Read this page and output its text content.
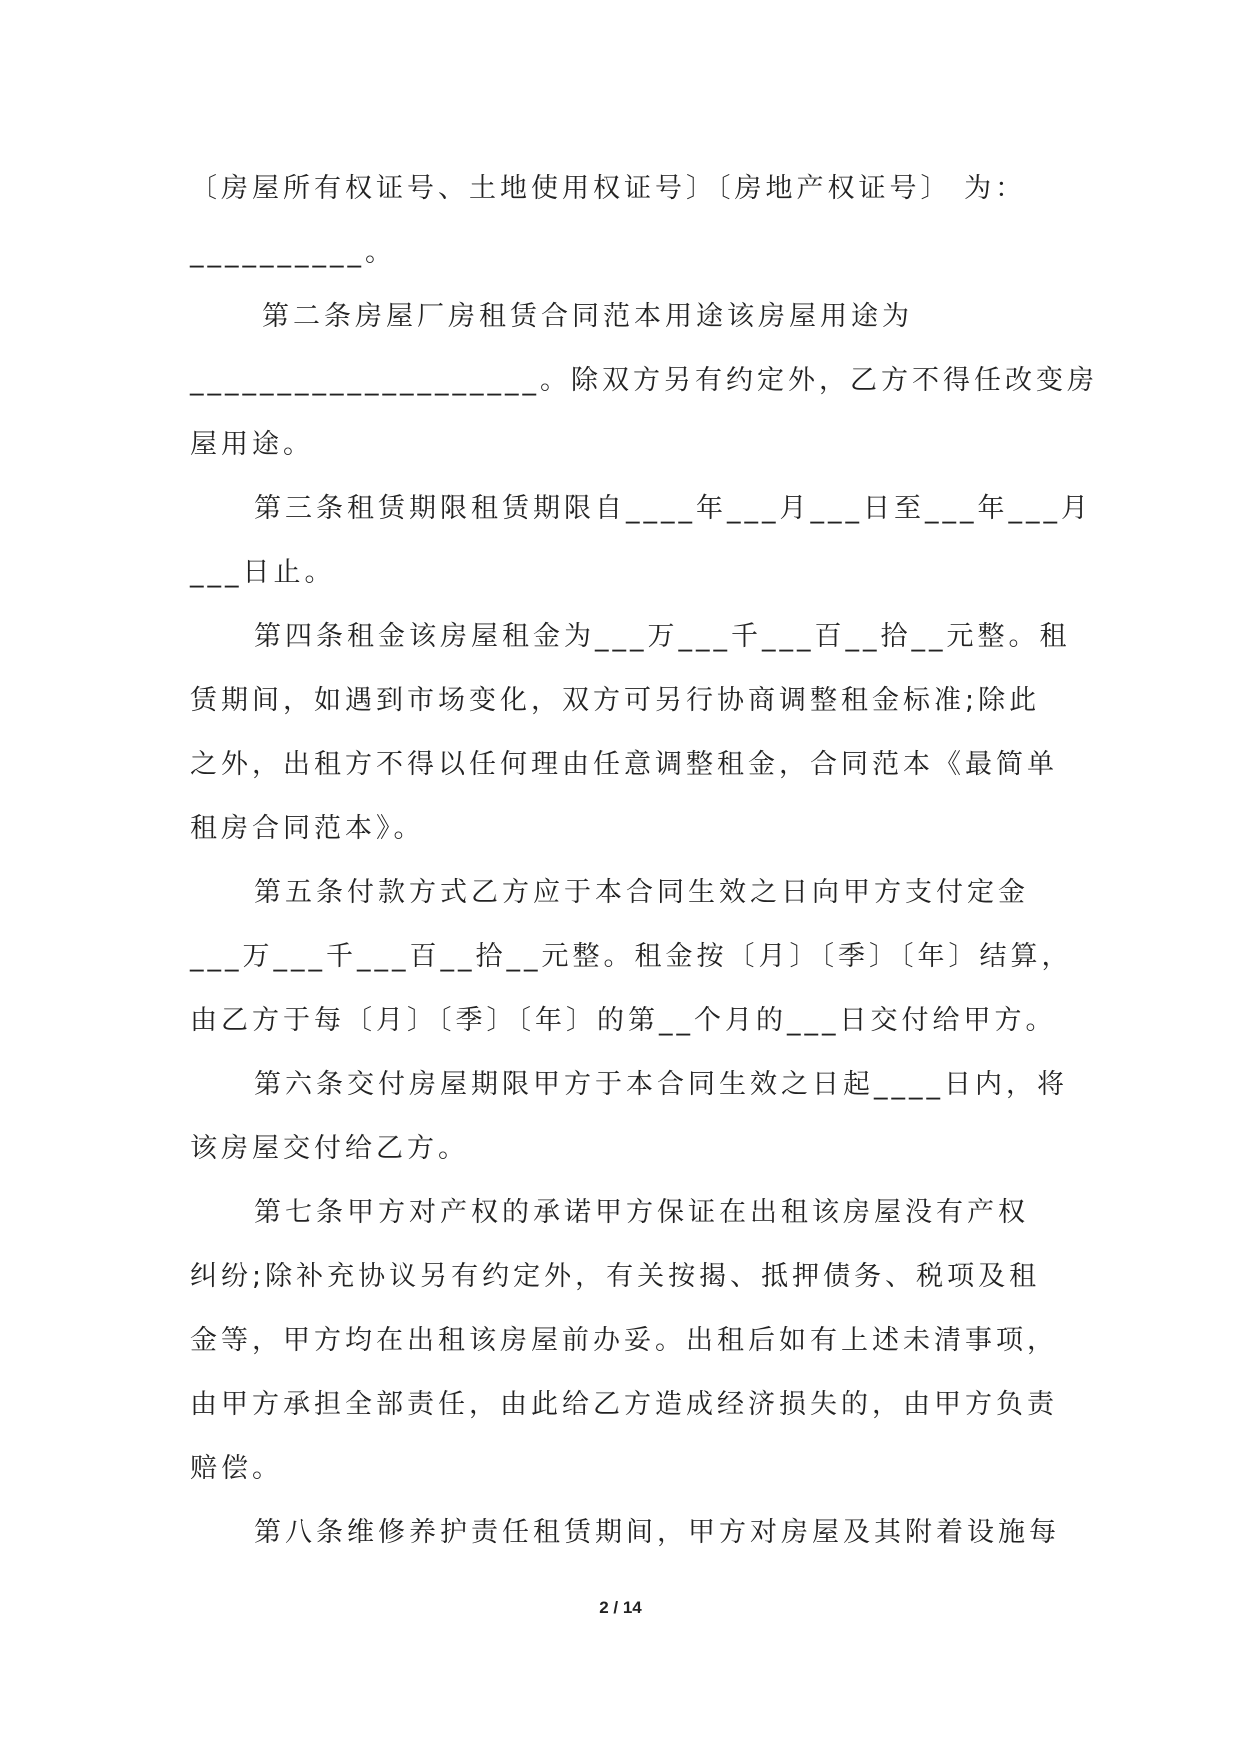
〔房屋所有权证号、土地使用权证号〕〔房地产权证号〕 为：
__________。
第二条房屋厂房租赁合同范本用途该房屋用途为
____________________。除双方另有约定外，乙方不得任改变房
屋用途。
第三条租赁期限租赁期限自____年___月___日至___年___月
___日止。
第四条租金该房屋租金为___万___千___百__拾__元整。租
赁期间，如遇到市场变化，双方可另行协商调整租金标准;除此
之外，出租方不得以任何理由任意调整租金，合同范本《最简单
租房合同范本》。
第五条付款方式乙方应于本合同生效之日向甲方支付定金
___万___千___百__拾__元整。租金按〔月〕〔季〕〔年〕结算，
由乙方于每〔月〕〔季〕〔年〕的第__个月的___日交付给甲方。
第六条交付房屋期限甲方于本合同生效之日起____日内，将
该房屋交付给乙方。
第七条甲方对产权的承诺甲方保证在出租该房屋没有产权
纠纷;除补充协议另有约定外，有关按揭、抵押债务、税项及租
金等，甲方均在出租该房屋前办妥。出租后如有上述未清事项，
由甲方承担全部责任，由此给乙方造成经济损失的，由甲方负责
赔偿。
第八条维修养护责任租赁期间，甲方对房屋及其附着设施每
2 / 14
